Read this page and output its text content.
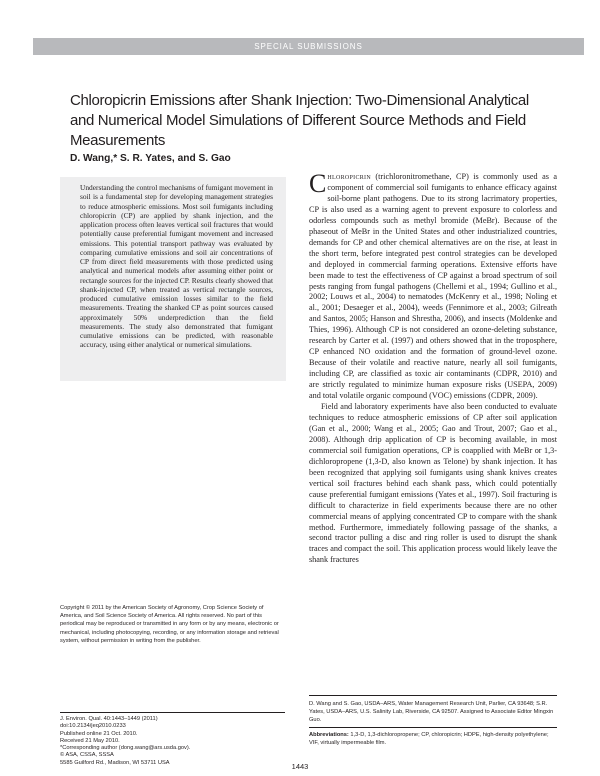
SPECIAL SUBMISSIONS
Chloropicrin Emissions after Shank Injection: Two-Dimensional Analytical and Numerical Model Simulations of Different Source Methods and Field Measurements
D. Wang,* S. R. Yates, and S. Gao

Understanding the control mechanisms of fumigant movement in soil is a fundamental step for developing management strategies to reduce atmospheric emissions. Most soil fumigants including chloropicrin (CP) are applied by shank injection, and the application process often leaves vertical soil fractures that would potentially cause preferential fumigant movement and increased emissions. This potential transport pathway was evaluated by comparing cumulative emissions and soil air concentrations of CP from direct field measurements with those predicted using analytical and numerical models after assuming either point or rectangle sources for the injected CP. Results clearly showed that shank-injected CP, when treated as vertical rectangle sources, produced cumulative emission losses similar to the field measurements. Treating the shanked CP as point sources caused approximately 50% underprediction than the field measurements. The study also demonstrated that fumigant cumulative emissions can be predicted, with reasonable accuracy, using either analytical or numerical simulations.

Chloropicrin (trichloronitromethane, CP) is commonly used as a component of commercial soil fumigants to enhance efficacy against soil-borne plant pathogens. Due to its strong lacrimatory properties, CP is also used as a warning agent to prevent exposure to colorless and odorless compounds such as methyl bromide (MeBr). Because of the phaseout of MeBr in the United States and other industrialized countries, demands for CP and other chemical alternatives are on the rise, at least in the short term, before integrated pest control strategies can be developed and deployed in commercial farming operations. Extensive efforts have been made to test the effectiveness of CP against a broad spectrum of soil pests ranging from fungal pathogens (Chellemi et al., 1994; Gullino et al., 2002; Louws et al., 2004) to nematodes (McKenry et al., 1998; Noling et al., 2001; Desaeger et al., 2004), weeds (Fennimore et al., 2003; Gilreath and Santos, 2005; Hanson and Shrestha, 2006), and insects (Moldenke and Thies, 1996). Although CP is not considered an ozone-deleting substance, research by Carter et al. (1997) and others showed that in the troposphere, CP enhanced NO oxidation and the formation of ground-level ozone. Because of their volatile and reactive nature, nearly all soil fumigants, including CP, are classified as toxic air contaminants (CDPR, 2010) and are strictly regulated to minimize human exposure risks (USEPA, 2009) and total volatile organic compound (VOC) emissions (CDPR, 2009).

Field and laboratory experiments have also been conducted to evaluate techniques to reduce atmospheric emissions of CP after soil application (Gan et al., 2000; Wang et al., 2005; Gao and Trout, 2007; Gao et al., 2008). Although drip application of CP is becoming available, in most commercial soil fumigation operations, CP is coapplied with MeBr or 1,3-dichloropropene (1,3-D, also known as Telone) by shank injection. It has been recognized that applying soil fumigants using shank knives creates vertical soil fractures behind each shank pass, which could potentially cause preferential fumigant emissions (Yates et al., 1997). Soil fracturing is difficult to characterize in field experiments because there are no other commercial means of applying concentrated CP to compare with the shank method. Furthermore, immediately following passage of the shanks, a second tractor pulling a disc and ring roller is used to disrupt the shank traces and compact the soil. This application process would likely leave the shank fractures

Copyright © 2011 by the American Society of Agronomy, Crop Science Society of America, and Soil Science Society of America. All rights reserved. No part of this periodical may be reproduced or transmitted in any form or by any means, electronic or mechanical, including photocopying, recording, or any information storage and retrieval system, without permission in writing from the publisher.

J. Environ. Qual. 40:1443–1449 (2011)
doi:10.2134/jeq2010.0233
Published online 21 Oct. 2010.
Received 21 May 2010.
*Corresponding author (dong.wang@ars.usda.gov).
© ASA, CSSA, SSSA
5585 Guilford Rd., Madison, WI 53711 USA

D. Wang and S. Gao, USDA–ARS, Water Management Research Unit, Parlier, CA 93648; S.R. Yates, USDA–ARS, U.S. Salinity Lab, Riverside, CA 92507. Assigned to Associate Editor Mingxin Guo.

Abbreviations: 1,3-D, 1,3-dichloropropene; CP, chloropicrin; HDPE, high-density polyethylene; VIF, virtually impermeable film.

1443
